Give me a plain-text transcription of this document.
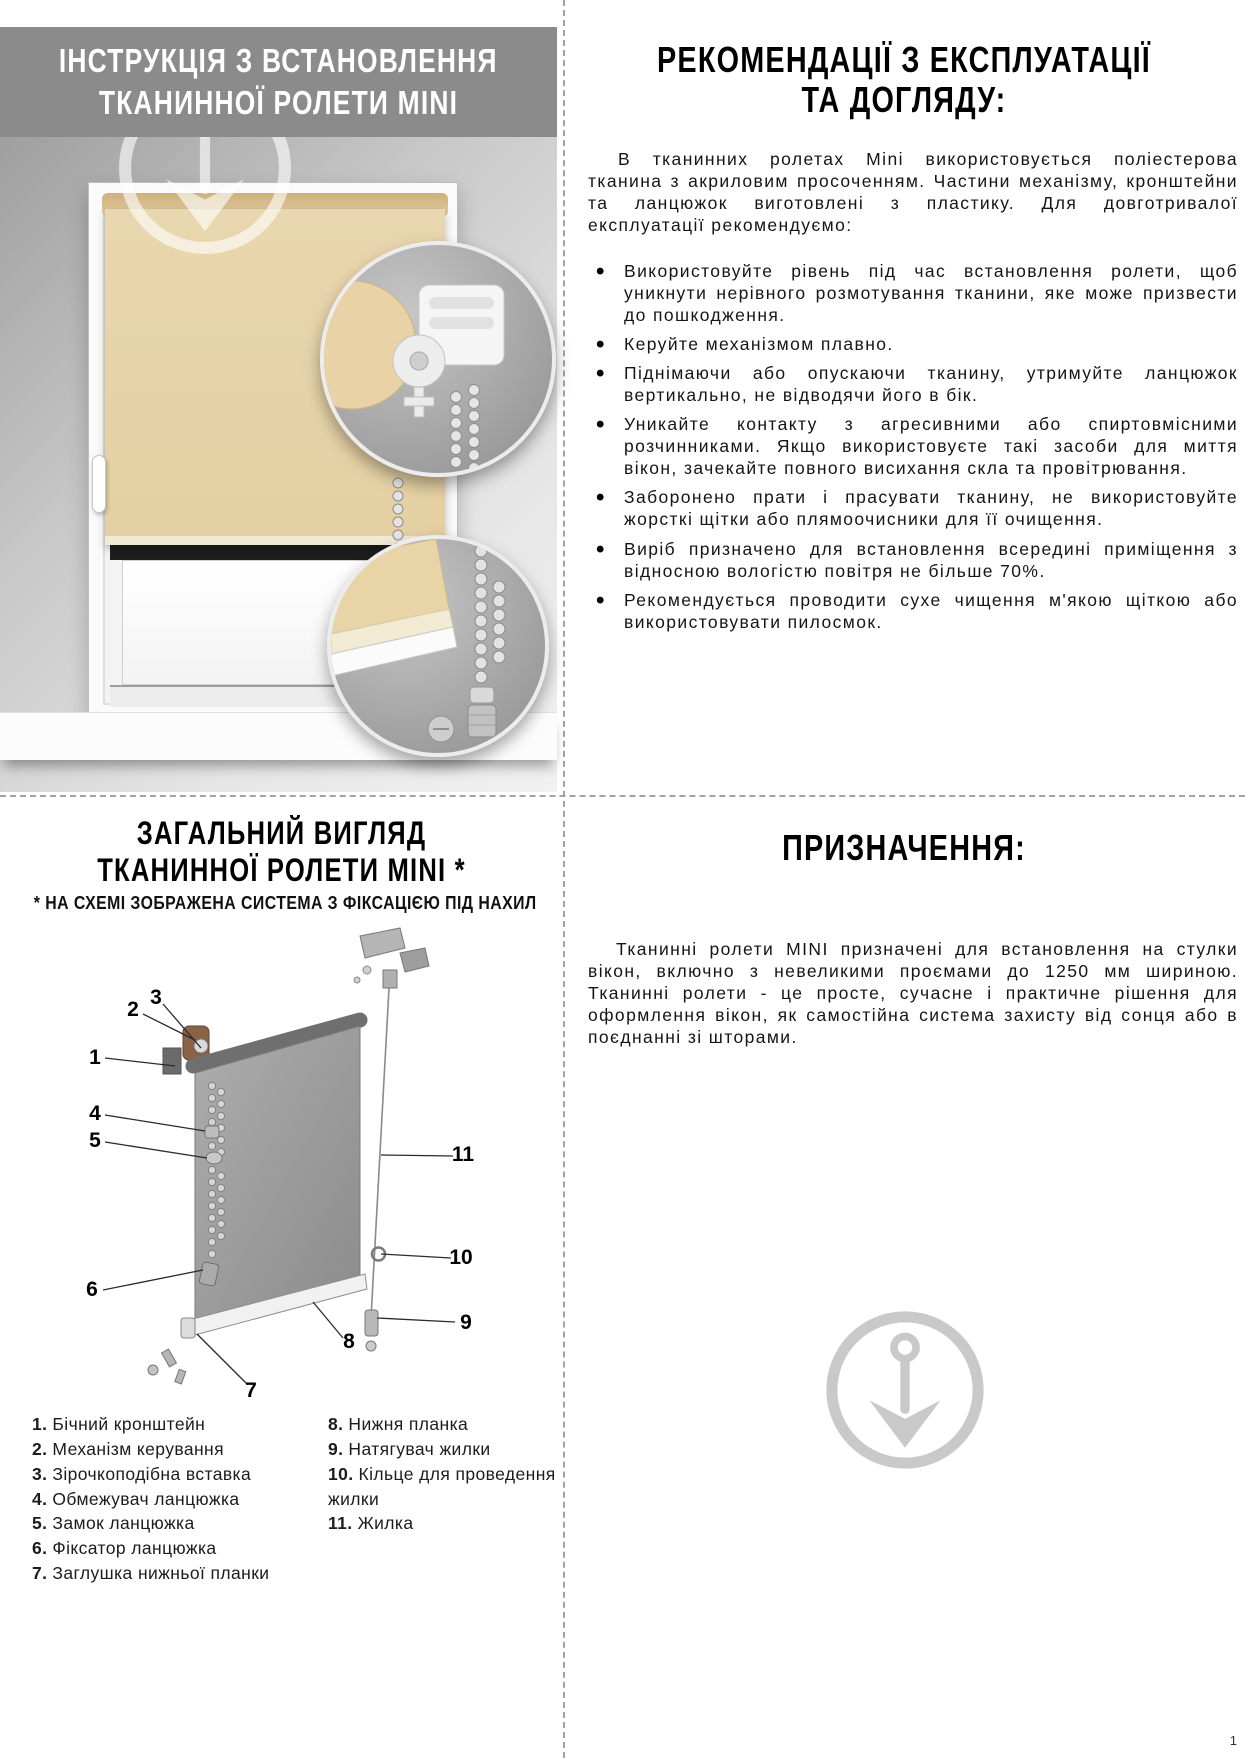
ІНСТРУКЦІЯ З ВСТАНОВЛЕННЯ
ТКАНИННОЇ РОЛЕТИ MINI
РЕКОМЕНДАЦІЇ З ЕКСПЛУАТАЦІЇ
ТА ДОГЛЯДУ:

В тканинних ролетах Mini використовується поліестерова тканина з акриловим просоченням. Частини механізму, кронштейни та ланцюжок виготовлені з пластику. Для довготривалої експлуатації рекомендуємо:

• Використовуйте рівень під час встановлення ролети, щоб уникнути нерівного розмотування тканини, яке може призвести до пошкодження.
• Керуйте механізмом плавно.
• Піднімаючи або опускаючи тканину, утримуйте ланцюжок вертикально, не відводячи його в бік.
• Уникайте контакту з агресивними або спиртовмісними розчинниками. Якщо використовуєте такі засоби для миття вікон, зачекайте повного висихання скла та провітрювання.
• Заборонено прати і прасувати тканину, не використовуйте жорсткі щітки або плямоочисники для її очищення.
• Виріб призначено для встановлення всередині приміщення з відносною вологістю повітря не більше 70%.
• Рекомендується проводити сухе чищення м'якою щіткою або використовувати пилосмок.
ЗАГАЛЬНИЙ ВИГЛЯД
ТКАНИННОЇ РОЛЕТИ MINI *
* НА СХЕМІ ЗОБРАЖЕНА СИСТЕМА З ФІКСАЦІЄЮ ПІД НАХИЛ
1
2
3
4
5
6
7
8
9
10
11
1. Бічний кронштейн
2. Механізм керування
3. Зірочкоподібна вставка
4. Обмежувач ланцюжка
5. Замок ланцюжка
6. Фіксатор ланцюжка
7. Заглушка нижньої планки
8. Нижня планка
9. Натягувач жилки
10. Кільце для проведення жилки
11. Жилка
ПРИЗНАЧЕННЯ:

Тканинні ролети MINI призначені для встановлення на стулки вікон, включно з невеликими проємами до 1250 мм шириною. Тканинні ролети - це просте, сучасне і практичне рішення для оформлення вікон, як самостійна система захисту від сонця або в поєднанні зі шторами.

1
